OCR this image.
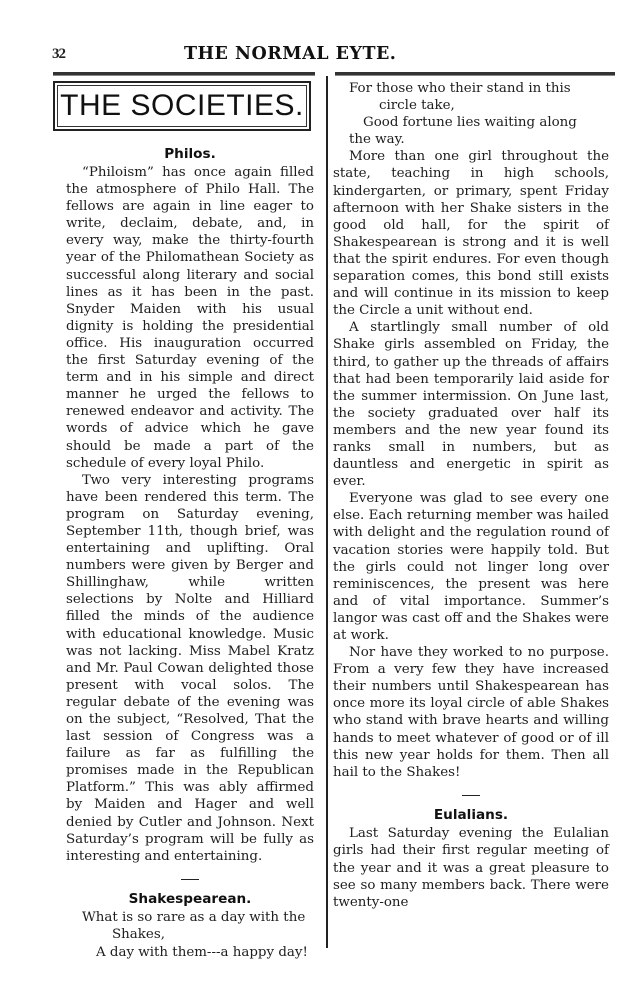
32	THE NORMAL EYTE.
THE SOCIETIES.
Philos.

“Philoism” has once again filled the atmosphere of Philo Hall. The fellows are again in line eager to write, declaim, debate, and, in every way, make the thirty-fourth year of the Philomathean Society as successful along literary and social lines as it has been in the past. Snyder Maiden with his usual dignity is holding the presidential office. His inauguration occurred the first Saturday evening of the term and in his simple and direct manner he urged the fellows to renewed endeavor and activity. The words of advice which he gave should be made a part of the schedule of every loyal Philo.

Two very interesting programs have been rendered this term. The program on Saturday evening, September 11th, though brief, was entertaining and uplifting. Oral numbers were given by Berger and Shillinghaw, while written selections by Nolte and Hilliard filled the minds of the audience with educational knowledge. Music was not lacking. Miss Mabel Kratz and Mr. Paul Cowan delighted those present with vocal solos. The regular debate of the evening was on the subject, “Resolved, That the last session of Congress was a failure as far as fulfilling the promises made in the Republican Platform.” This was ably affirmed by Maiden and Hager and well denied by Cutler and Johnson. Next Saturday’s program will be fully as interesting and entertaining.

Shakespearean.

What is so rare as a day with the

Shakes,

A day with them---a happy day!

For those who their stand in this

circle take,

Good fortune lies waiting along

the way.

More than one girl throughout the state, teaching in high schools, kindergarten, or primary, spent Friday afternoon with her Shake sisters in the good old hall, for the spirit of Shakespearean is strong and it is well that the spirit endures. For even though separation comes, this bond still exists and will continue in its mission to keep the Circle a unit without end.

A startlingly small number of old Shake girls assembled on Friday, the third, to gather up the threads of affairs that had been temporarily laid aside for the summer intermission. On June last, the society graduated over half its members and the new year found its ranks small in numbers, but as dauntless and energetic in spirit as ever.

Everyone was glad to see every one else. Each returning member was hailed with delight and the regulation round of vacation stories were happily told. But the girls could not linger long over reminiscences, the present was here and of vital importance. Summer’s langor was cast off and the Shakes were at work.

Nor have they worked to no purpose. From a very few they have increased their numbers until Shakespearean has once more its loyal circle of able Shakes who stand with brave hearts and willing hands to meet whatever of good or of ill this new year holds for them. Then all hail to the Shakes!

Eulalians.

Last Saturday evening the Eulalian girls had their first regular meeting of the year and it was a great pleasure to see so many members back. There were twenty-one
